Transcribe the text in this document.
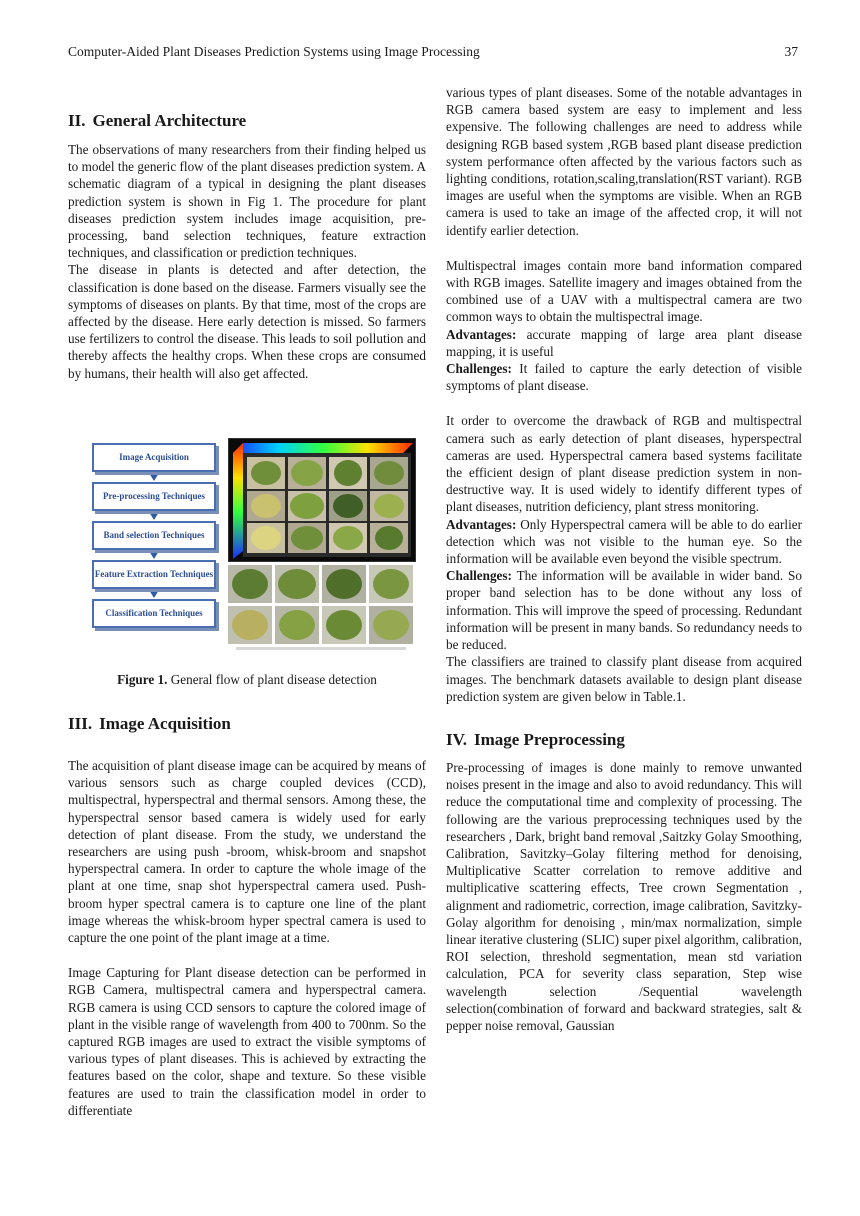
Computer-Aided Plant Diseases Prediction Systems using Image Processing	37
II. General Architecture

The observations of many researchers from their finding helped us to model the generic flow of the plant diseases prediction system. A schematic diagram of a typical in designing the plant diseases prediction system is shown in Fig 1. The procedure for plant diseases prediction system includes image acquisition, pre-processing, band selection techniques, feature extraction techniques, and classification or prediction techniques.

The disease in plants is detected and after detection, the classification is done based on the disease. Farmers visually see the symptoms of diseases on plants. By that time, most of the crops are affected by the disease. Here early detection is missed. So farmers use fertilizers to control the disease. This leads to soil pollution and thereby affects the healthy crops. When these crops are consumed by humans, their health will also get affected.

Image Acquisition
Pre-processing Techniques
Band selection Techniques
Feature Extraction Techniques
Classification Techniques
Figure 1. General flow of plant disease detection
III. Image Acquisition

The acquisition of plant disease image can be acquired by means of various sensors such as charge coupled devices (CCD), multispectral, hyperspectral and thermal sensors. Among these, the hyperspectral sensor based camera is widely used for early detection of plant disease. From the study, we understand the researchers are using push -broom, whisk-broom and snapshot hyperspectral camera. In order to capture the whole image of the plant at one time, snap shot hyperspectral camera used. Push-broom hyper spectral camera is to capture one line of the plant image whereas the whisk-broom hyper spectral camera is used to capture the one point of the plant image at a time.

Image Capturing for Plant disease detection can be performed in RGB Camera, multispectral camera and hyperspectral camera. RGB camera is using CCD sensors to capture the colored image of plant in the visible range of wavelength from 400 to 700nm. So the captured RGB images are used to extract the visible symptoms of various types of plant diseases. This is achieved by extracting the features based on the color, shape and texture. So these visible features are used to train the classification model in order to differentiate

various types of plant diseases. Some of the notable advantages in RGB camera based system are easy to implement and less expensive. The following challenges are need to address while designing RGB based system ,RGB based plant disease prediction system performance often affected by the various factors such as lighting conditions, rotation,scaling,translation(RST variant). RGB images are useful when the symptoms are visible. When an RGB camera is used to take an image of the affected crop, it will not identify earlier detection.

Multispectral images contain more band information compared with RGB images. Satellite imagery and images obtained from the combined use of a UAV with a multispectral camera are two common ways to obtain the multispectral image.

Advantages: accurate mapping of large area plant disease mapping, it is useful

Challenges: It failed to capture the early detection of visible symptoms of plant disease.

It order to overcome the drawback of RGB and multispectral camera such as early detection of plant diseases, hyperspectral cameras are used. Hyperspectral camera based systems facilitate the efficient design of plant disease prediction system in non-destructive way. It is used widely to identify different types of plant diseases, nutrition deficiency, plant stress monitoring.

Advantages: Only Hyperspectral camera will be able to do earlier detection which was not visible to the human eye. So the information will be available even beyond the visible spectrum.

Challenges: The information will be available in wider band. So proper band selection has to be done without any loss of information. This will improve the speed of processing. Redundant information will be present in many bands. So redundancy needs to be reduced.

The classifiers are trained to classify plant disease from acquired images. The benchmark datasets available to design plant disease prediction system are given below in Table.1.

IV. Image Preprocessing

Pre-processing of images is done mainly to remove unwanted noises present in the image and also to avoid redundancy. This will reduce the computational time and complexity of processing. The following are the various preprocessing techniques used by the researchers , Dark, bright band removal ,Saitzky Golay Smoothing, Calibration, Savitzky–Golay filtering method for denoising, Multiplicative Scatter correlation to remove additive and multiplicative scattering effects, Tree crown Segmentation , alignment and radiometric, correction, image calibration, Savitzky-Golay algorithm for denoising , min/max normalization, simple linear iterative clustering (SLIC) super pixel algorithm, calibration, ROI selection, threshold segmentation, mean std variation calculation, PCA for severity class separation, Step wise wavelength selection /Sequential wavelength selection(combination of forward and backward strategies, salt & pepper noise removal, Gaussian
